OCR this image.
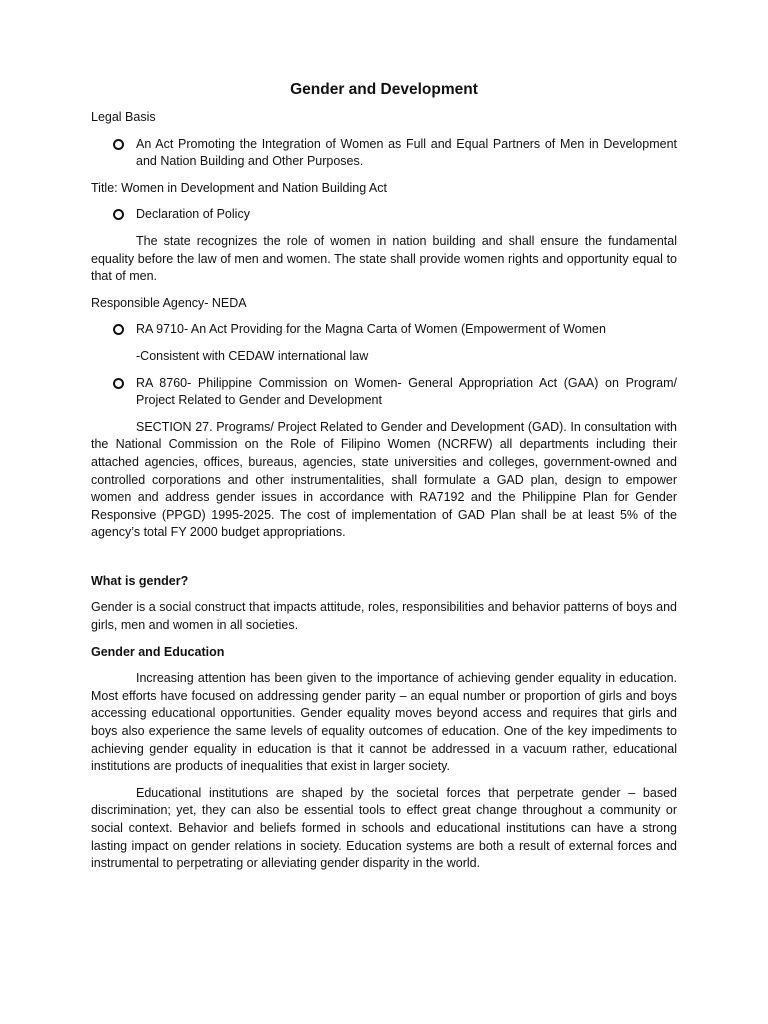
Gender and Development
Legal Basis
An Act Promoting the Integration of Women as Full and Equal Partners of Men in Development and Nation Building and Other Purposes.
Title: Women in Development and Nation Building Act
Declaration of Policy
The state recognizes the role of women in nation building and shall ensure the fundamental equality before the law of men and women. The state shall provide women rights and opportunity equal to that of men.
Responsible Agency- NEDA
RA 9710- An Act Providing for the Magna Carta of Women (Empowerment of Women
-Consistent with CEDAW international law
RA 8760- Philippine Commission on Women- General Appropriation Act (GAA) on Program/ Project Related to Gender and Development
SECTION 27. Programs/ Project Related to Gender and Development (GAD). In consultation with the National Commission on the Role of Filipino Women (NCRFW) all departments including their attached agencies, offices, bureaus, agencies, state universities and colleges, government-owned and controlled corporations and other instrumentalities, shall formulate a GAD plan, design to empower women and address gender issues in accordance with RA7192 and the Philippine Plan for Gender Responsive (PPGD) 1995-2025. The cost of implementation of GAD Plan shall be at least 5% of the agency’s total FY 2000 budget appropriations.
What is gender?
Gender is a social construct that impacts attitude, roles, responsibilities and behavior patterns of boys and girls, men and women in all societies.
Gender and Education
Increasing attention has been given to the importance of achieving gender equality in education. Most efforts have focused on addressing gender parity – an equal number or proportion of girls and boys accessing educational opportunities. Gender equality moves beyond access and requires that girls and boys also experience the same levels of equality outcomes of education. One of the key impediments to achieving gender equality in education is that it cannot be addressed in a vacuum rather, educational institutions are products of inequalities that exist in larger society.
Educational institutions are shaped by the societal forces that perpetrate gender – based discrimination; yet, they can also be essential tools to effect great change throughout a community or social context. Behavior and beliefs formed in schools and educational institutions can have a strong lasting impact on gender relations in society. Education systems are both a result of external forces and instrumental to perpetrating or alleviating gender disparity in the world.
